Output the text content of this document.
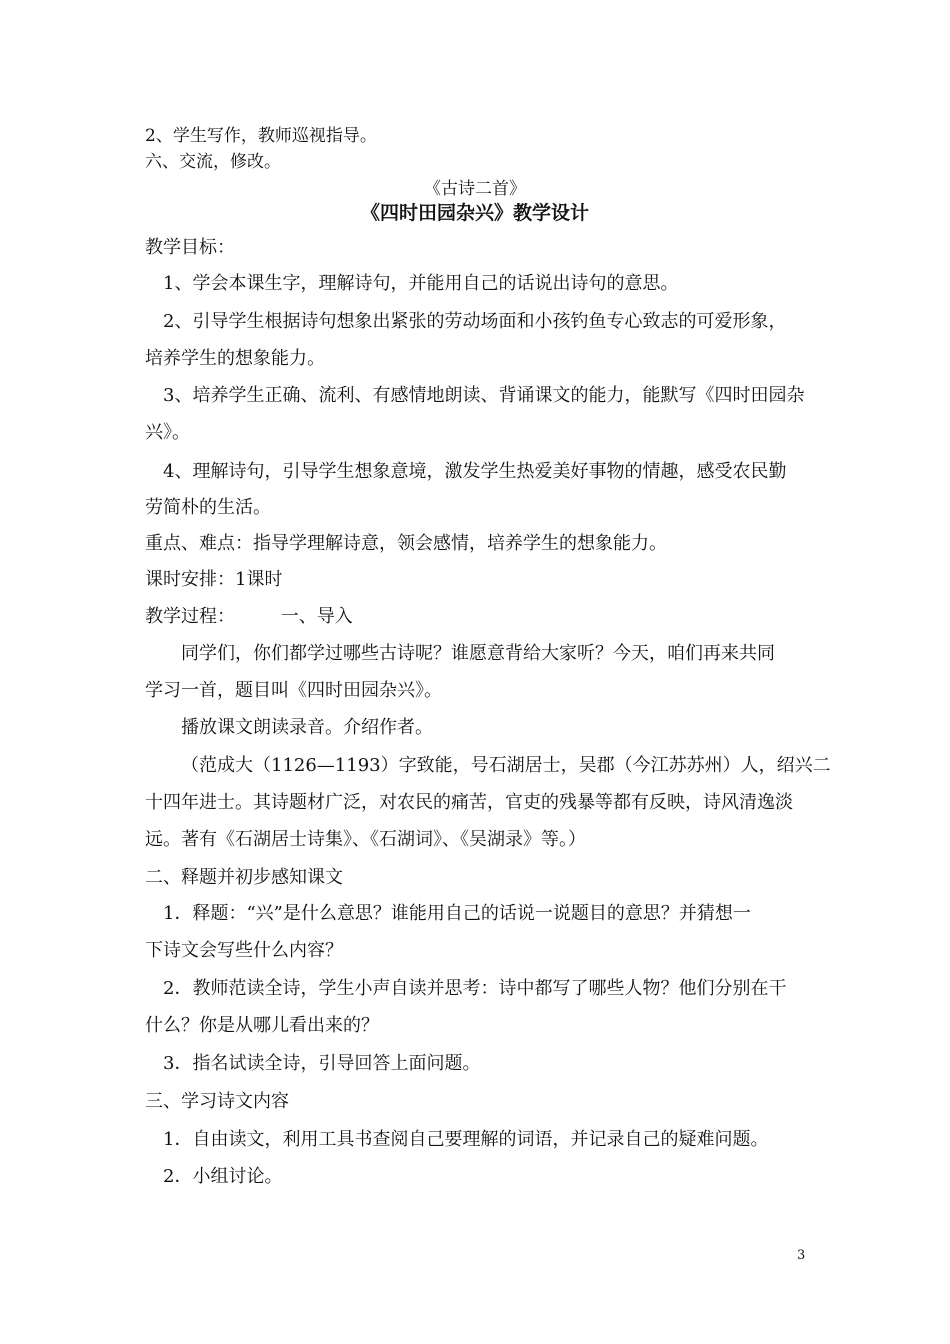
2、学生写作，教师巡视指导。

六、交流，修改。

《古诗二首》

《四时田园杂兴》教学设计

教学目标：

1、学会本课生字，理解诗句，并能用自己的话说出诗句的意思。

2、引导学生根据诗句想象出紧张的劳动场面和小孩钓鱼专心致志的可爱形象，

培养学生的想象能力。

3、培养学生正确、流利、有感情地朗读、背诵课文的能力，能默写《四时田园杂

兴》。

4、理解诗句，引导学生想象意境，激发学生热爱美好事物的情趣，感受农民勤

劳简朴的生活。

重点、难点：指导学理解诗意，领会感情，培养学生的想象能力。

课时安排：1课时

教学过程：        一、导入

同学们，你们都学过哪些古诗呢？谁愿意背给大家听？今天，咱们再来共同

学习一首，题目叫《四时田园杂兴》。

播放课文朗读录音。介绍作者。

（范成大（1126—1193）字致能，号石湖居士，吴郡（今江苏苏州）人，绍兴二

十四年进士。其诗题材广泛，对农民的痛苦，官吏的残暴等都有反映，诗风清逸淡

远。著有《石湖居士诗集》、《石湖词》、《吴湖录》等。）

二、释题并初步感知课文

1．释题：“兴”是什么意思？谁能用自己的话说一说题目的意思？并猜想一

下诗文会写些什么内容？

2．教师范读全诗，学生小声自读并思考：诗中都写了哪些人物？他们分别在干

什么？你是从哪儿看出来的？

3．指名试读全诗，引导回答上面问题。

三、学习诗文内容

1．自由读文，利用工具书查阅自己要理解的词语，并记录自己的疑难问题。

2．小组讨论。

3
